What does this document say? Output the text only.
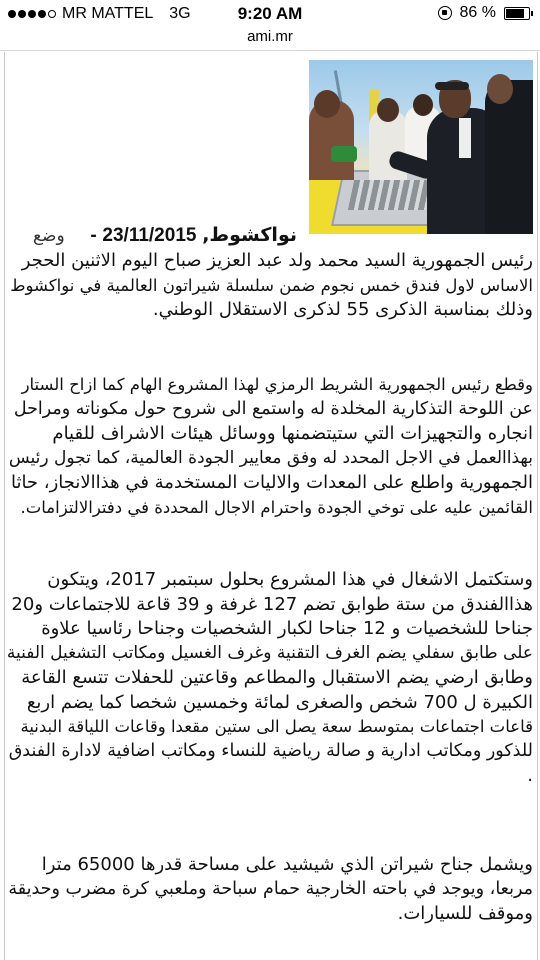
MR MATTEL 3G	9:20 AM	86 %
ami.mr
نواكشوط, 23/11/2015 -
وضع
رئيس الجمهورية السيد محمد ولد عبد العزيز صباح اليوم الاثنين الحجر
الاساس لاول فندق خمس نجوم ضمن سلسلة شيراتون العالمية في نواكشوط
وذلك بمناسبة الذكرى 55 لذكرى الاستقلال الوطني.
وقطع رئيس الجمهورية الشريط الرمزي لهذا المشروع الهام كما ازاح الستار
عن اللوحة التذكارية المخلدة له واستمع الى شروح حول مكوناته ومراحل
انجاره والتجهيزات التي ستيتضمنها ووسائل هيئات الاشراف للقيام
بهذاالعمل في الاجل المحدد له وفق معايير الجودة العالمية، كما تجول رئيس
الجمهورية واطلع على المعدات والاليات المستخدمة في هذاالانجاز، حاثا
القائمين عليه على توخي الجودة واحترام الاجال المحددة في دفترالالتزامات.
وستكتمل الاشغال في هذا المشروع بحلول سبتمبر 2017، ويتكون
هذاالفندق من ستة طوابق تضم 127 غرفة و 39 قاعة للاجتماعات و20
جناحا للشخصيات و 12 جناحا لكبار الشخصيات وجناحا رئاسيا علاوة
على طابق سفلي يضم الغرف التقنية وغرف الغسيل ومكاتب التشغيل الفنية
وطابق ارضي يضم الاستقبال والمطاعم وقاعتين للحفلات تتسع القاعة
الكبيرة ل 700 شخص والصغرى لمائة وخمسين شخصا كما يضم اربع
قاعات اجتماعات بمتوسط سعة يصل الى ستين مقعدا وقاعات اللياقة البدنية
للذكور ومكاتب ادارية و صالة رياضية للنساء ومكاتب اضافية لادارة الفندق
.
ويشمل جناح شيراتن الذي شيشيد على مساحة قدرها 65000 مترا
مربعا، ويوجد في باحته الخارجية حمام سباحة وملعبي كرة مضرب وحديقة
وموقف للسيارات.
